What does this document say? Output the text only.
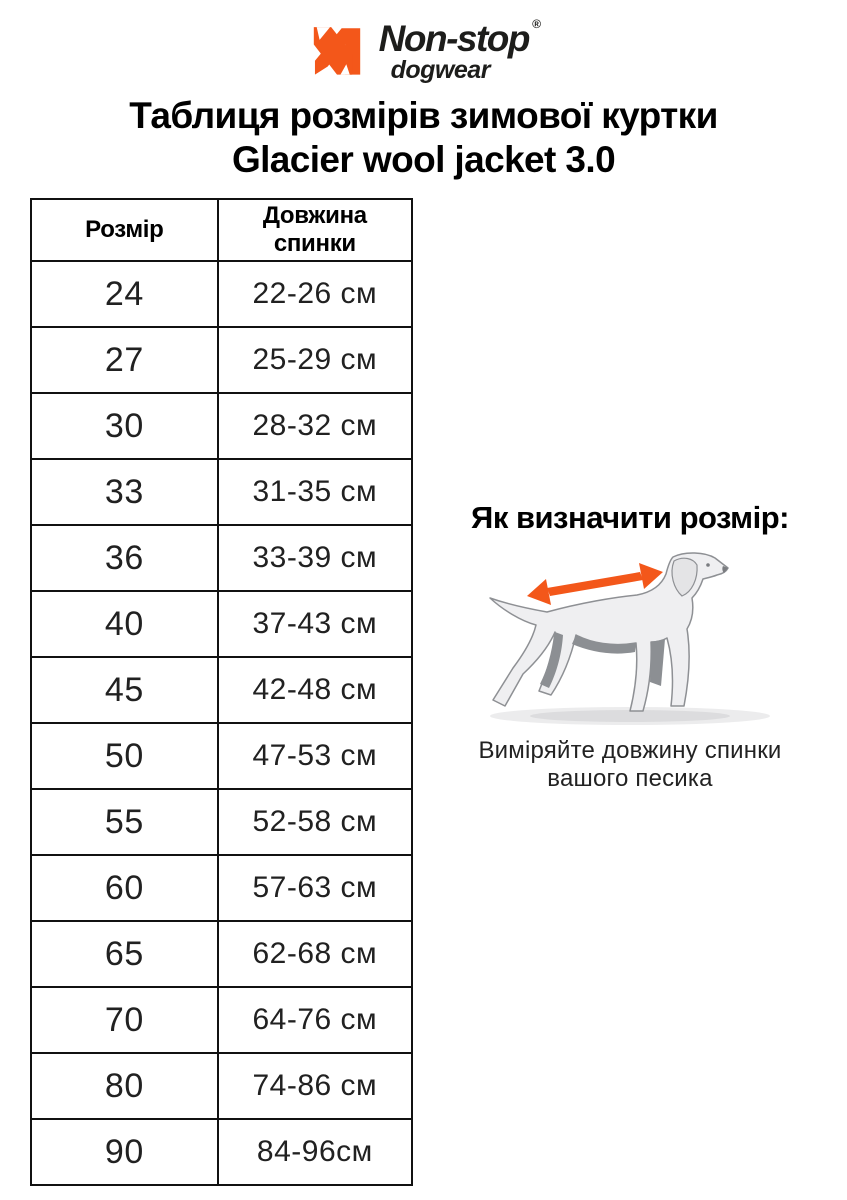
Non-stop ®
dogwear
Таблиця розмірів зимової куртки
Glacier wool jacket 3.0
Розмір	Довжина спинки
24	22-26 см
27	25-29 см
30	28-32 см
33	31-35 см
36	33-39 см
40	37-43 см
45	42-48 см
50	47-53 см
55	52-58 см
60	57-63 см
65	62-68 см
70	64-76 см
80	74-86 см
90	84-96см
Як визначити розмір:
Виміряйте довжину спинки вашого песика
